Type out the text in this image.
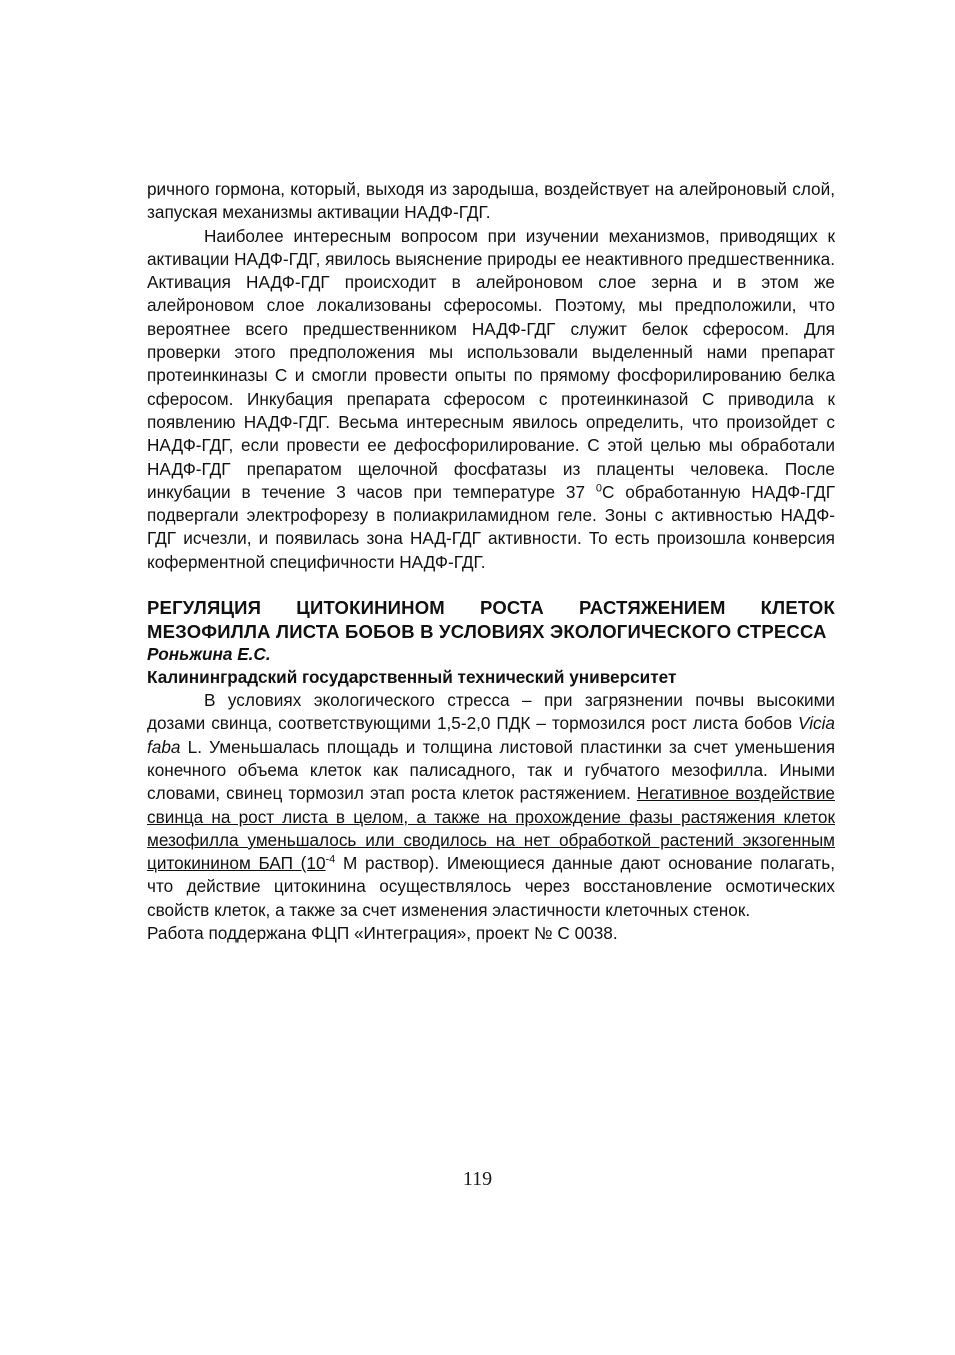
ричного гормона, который, выходя из зародыша, воздействует на алейроновый слой, запуская механизмы активации НАДФ-ГДГ.

Наиболее интересным вопросом при изучении механизмов, приводящих к активации НАДФ-ГДГ, явилось выяснение природы ее неактивного предшественника. Активация НАДФ-ГДГ происходит в алейроновом слое зерна и в этом же алейроновом слое локализованы сферосомы. Поэтому, мы предположили, что вероятнее всего предшественником НАДФ-ГДГ служит белок сферосом. Для проверки этого предположения мы использовали выделенный нами препарат протеинкиназы С и смогли провести опыты по прямому фосфорилированию белка сферосом. Инкубация препарата сферосом с протеинкиназой С приводила к появлению НАДФ-ГДГ. Весьма интересным явилось определить, что произойдет с НАДФ-ГДГ, если провести ее дефосфорилирование. С этой целью мы обработали НАДФ-ГДГ препаратом щелочной фосфатазы из плаценты человека. После инкубации в течение 3 часов при температуре 37 $^0$С обработанную НАДФ-ГДГ подвергали электрофорезу в полиакриламидном геле. Зоны с активностью НАДФ-ГДГ исчезли, и появилась зона НАД-ГДГ активности. То есть произошла конверсия коферментной специфичности НАДФ-ГДГ.

РЕГУЛЯЦИЯ ЦИТОКИНИНОМ РОСТА РАСТЯЖЕНИЕМ КЛЕТОК МЕЗОФИЛЛА ЛИСТА БОБОВ В УСЛОВИЯХ ЭКОЛОГИЧЕСКОГО СТРЕССА

Роньжина Е.С.

Калининградский государственный технический университет

В условиях экологического стресса – при загрязнении почвы высокими дозами свинца, соответствующими 1,5-2,0 ПДК – тормозился рост листа бобов Vicia faba L. Уменьшалась площадь и толщина листовой пластинки за счет уменьшения конечного объема клеток как палисадного, так и губчатого мезофилла. Иными словами, свинец тормозил этап роста клеток растяжением. Негативное воздействие свинца на рост листа в целом, а также на прохождение фазы растяжения клеток мезофилла уменьшалось или сводилось на нет обработкой растений экзогенным цитокинином БАП ($10^{-4}$ М раствор). Имеющиеся данные дают основание полагать, что действие цитокинина осуществлялось через восстановление осмотических свойств клеток, а также за счет изменения эластичности клеточных стенок.

Работа поддержана ФЦП «Интеграция», проект № С 0038.

119
